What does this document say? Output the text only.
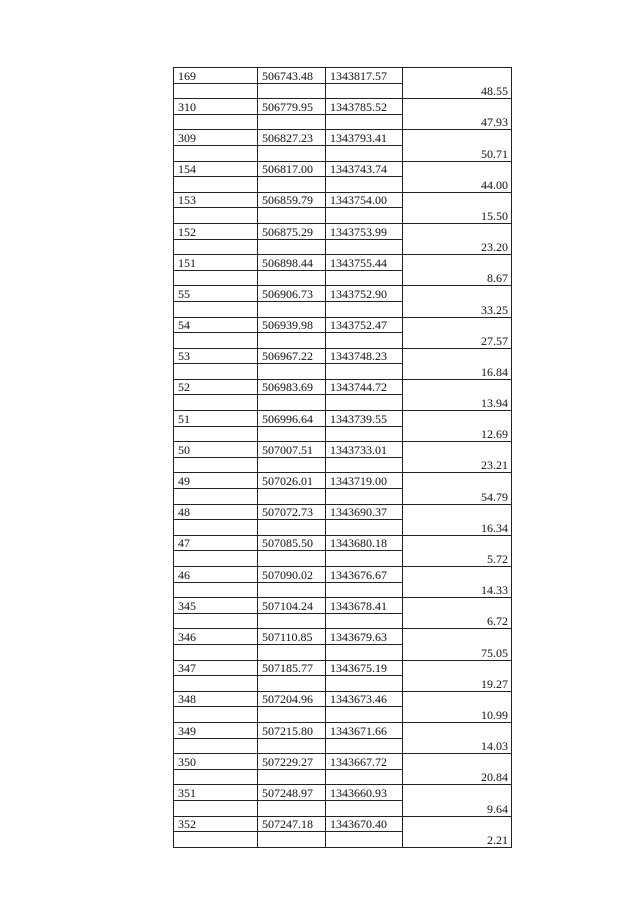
169	506743.48	1343817.57	
			48.55
310	506779.95	1343785.52	
			47.93
309	506827.23	1343793.41	
			50.71
154	506817.00	1343743.74	
			44.00
153	506859.79	1343754.00	
			15.50
152	506875.29	1343753.99	
			23.20
151	506898.44	1343755.44	
			8.67
55	506906.73	1343752.90	
			33.25
54	506939.98	1343752.47	
			27.57
53	506967.22	1343748.23	
			16.84
52	506983.69	1343744.72	
			13.94
51	506996.64	1343739.55	
			12.69
50	507007.51	1343733.01	
			23.21
49	507026.01	1343719.00	
			54.79
48	507072.73	1343690.37	
			16.34
47	507085.50	1343680.18	
			5.72
46	507090.02	1343676.67	
			14.33
345	507104.24	1343678.41	
			6.72
346	507110.85	1343679.63	
			75.05
347	507185.77	1343675.19	
			19.27
348	507204.96	1343673.46	
			10.99
349	507215.80	1343671.66	
			14.03
350	507229.27	1343667.72	
			20.84
351	507248.97	1343660.93	
			9.64
352	507247.18	1343670.40	
			2.21
